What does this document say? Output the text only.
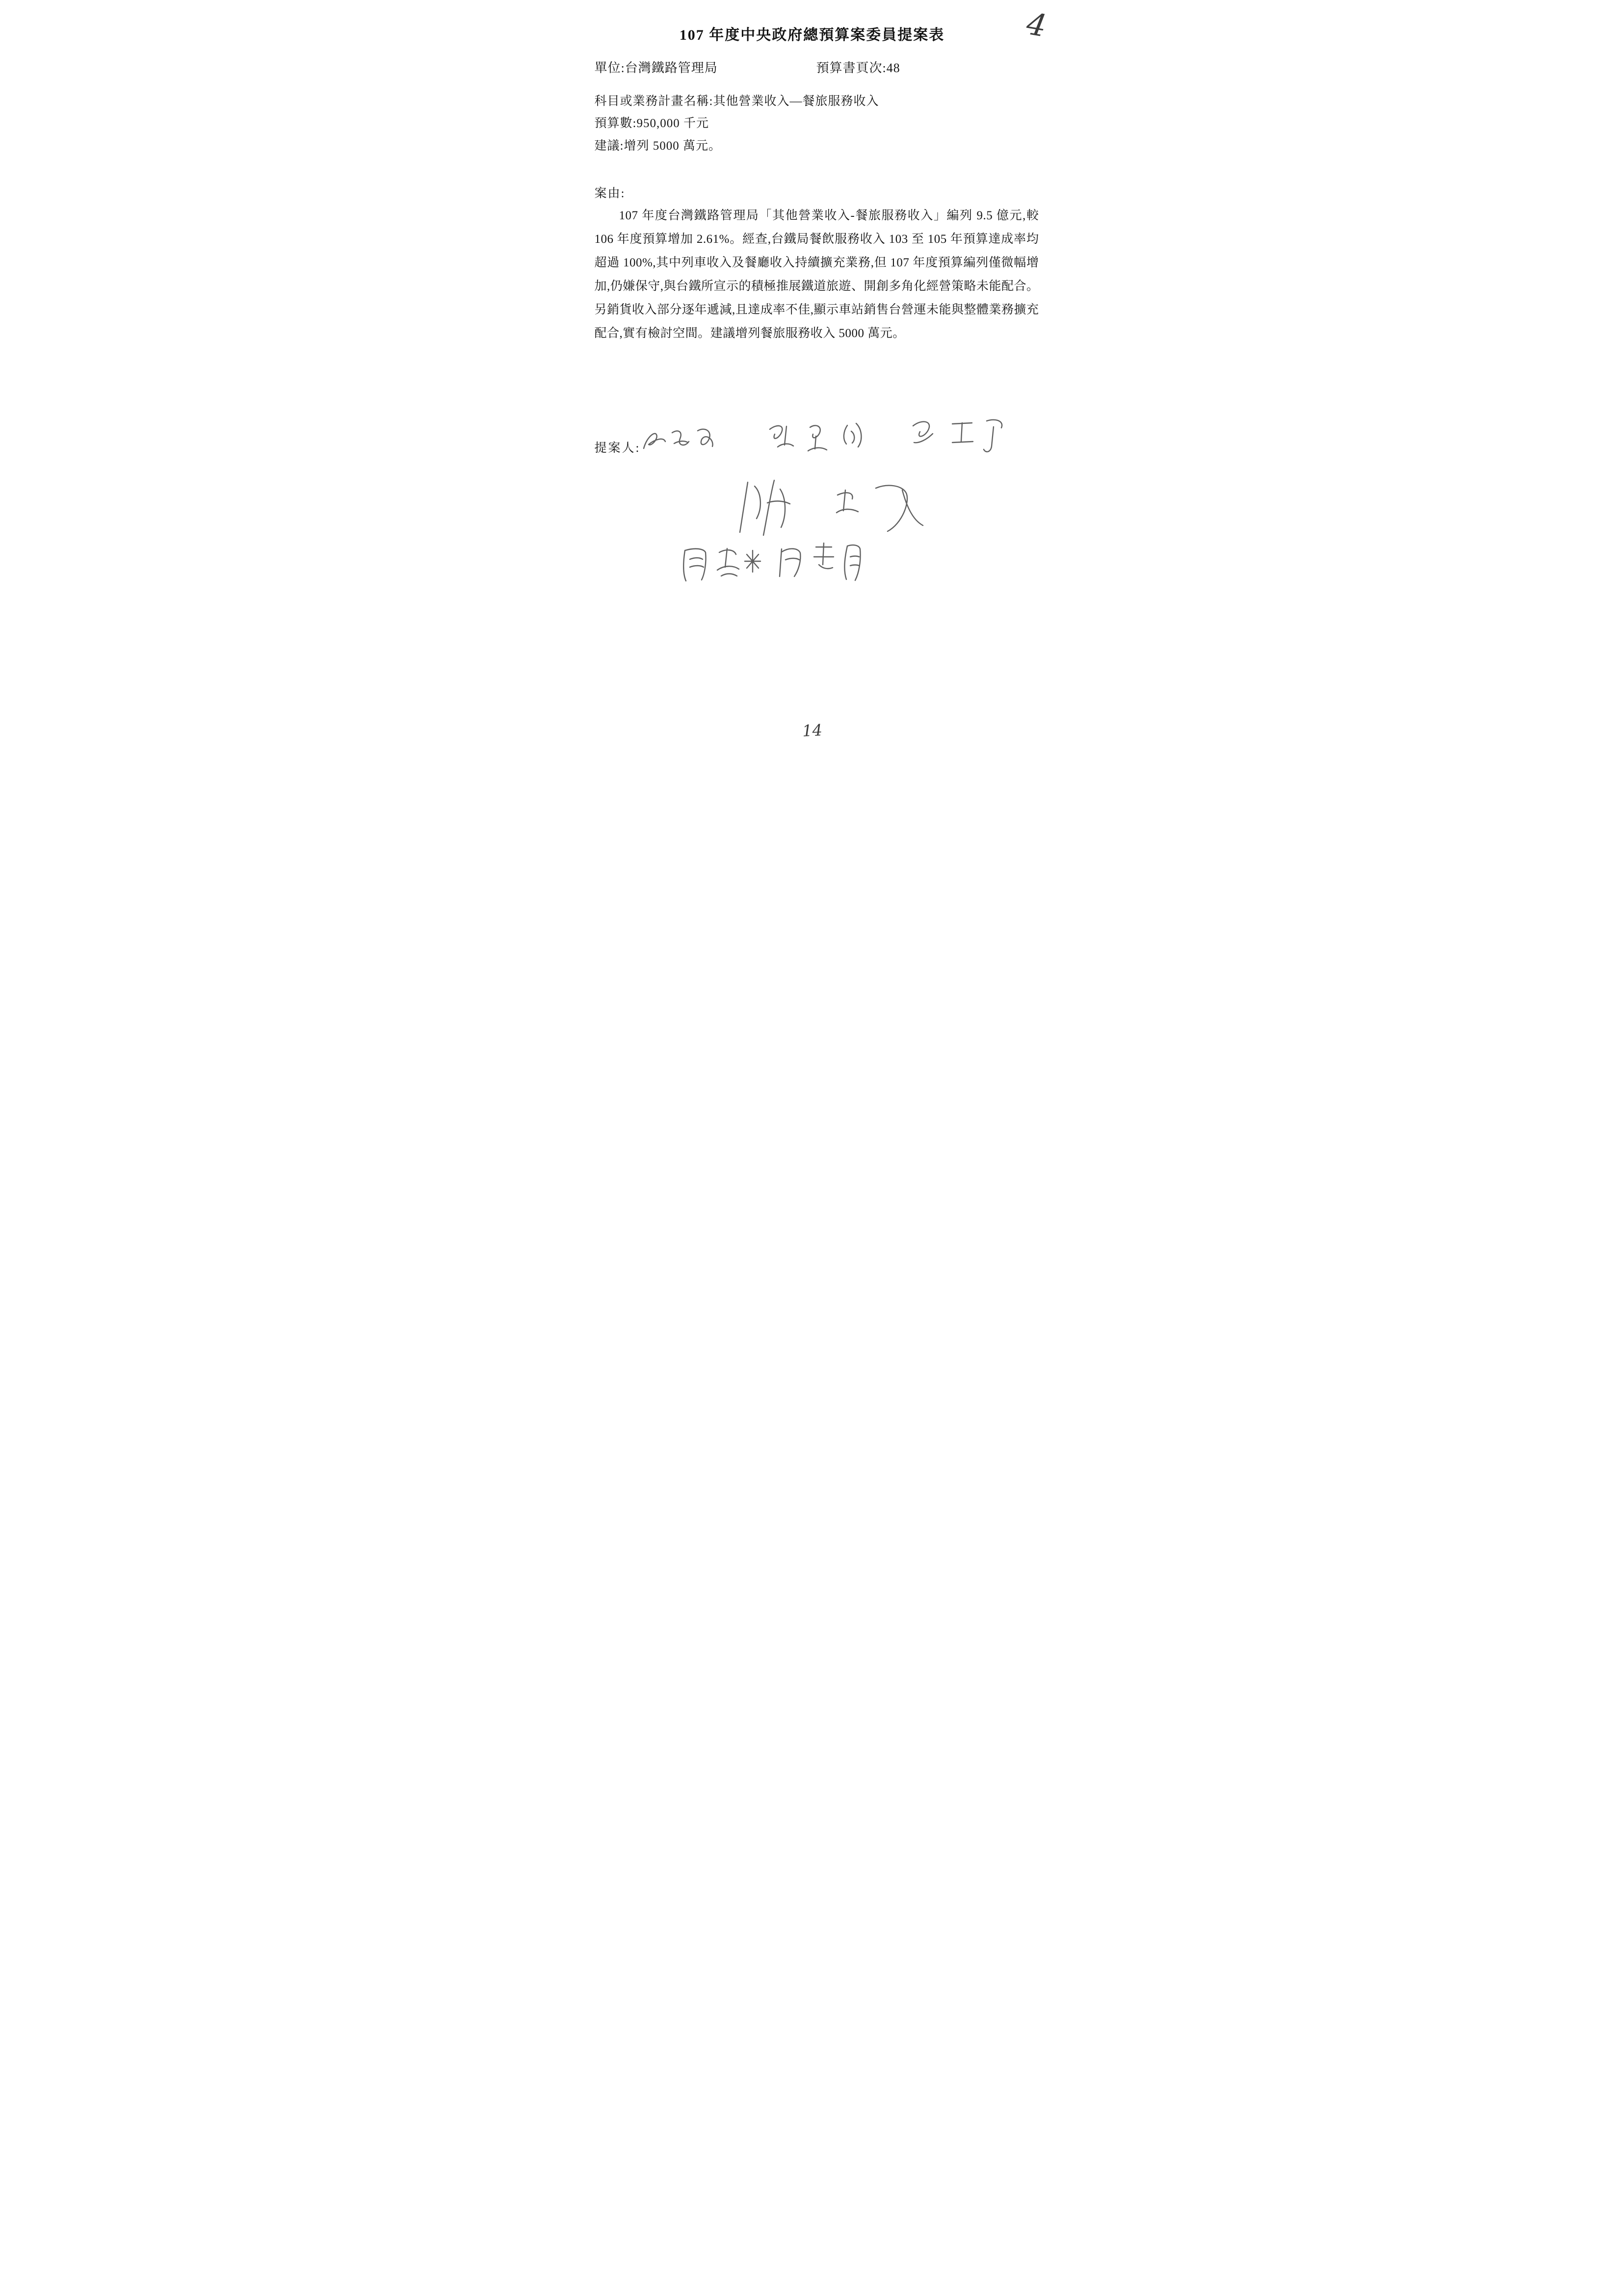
107 年度中央政府總預算案委員提案表	4
單位:台灣鐵路管理局	預算書頁次:48
科目或業務計畫名稱:其他營業收入—餐旅服務收入
預算數:950,000 千元
建議:增列 5000 萬元。
案由:
107 年度台灣鐵路管理局「其他營業收入-餐旅服務收入」編列 9.5 億元,較 106 年度預算增加 2.61%。經查,台鐵局餐飲服務收入 103 至 105 年預算達成率均超過 100%,其中列車收入及餐廳收入持續擴充業務,但 107 年度預算編列僅微幅增加,仍嫌保守,與台鐵所宣示的積極推展鐵道旅遊、開創多角化經營策略未能配合。另銷貨收入部分逐年遞減,且達成率不佳,顯示車站銷售台營運未能與整體業務擴充配合,實有檢討空間。建議增列餐旅服務收入 5000 萬元。
提案人:
14
